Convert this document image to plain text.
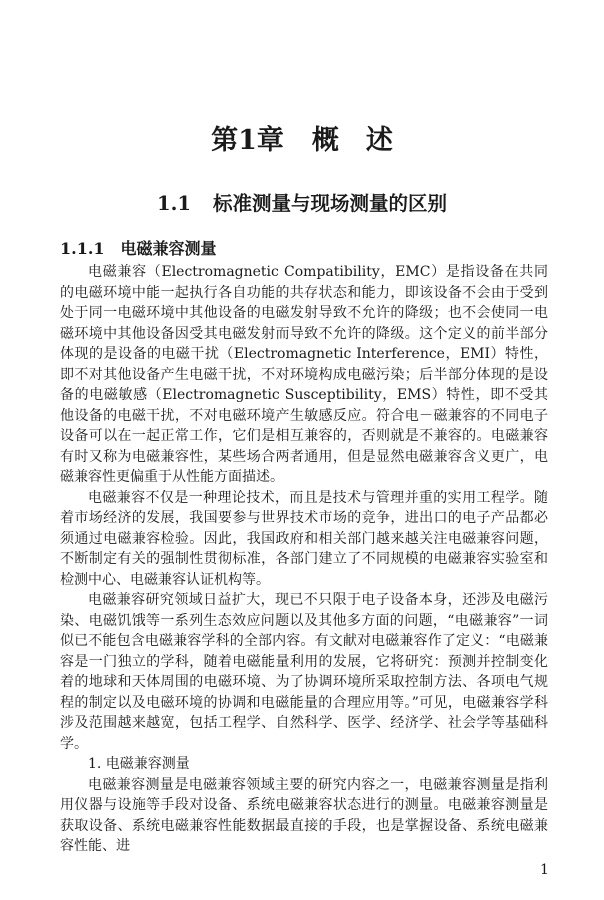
第1章 概　述
1.1 标准测量与现场测量的区别
1.1.1 电磁兼容测量

电磁兼容（Electromagnetic Compatibility，EMC）是指设备在共同的电磁环境中能一起执行各自功能的共存状态和能力，即该设备不会由于受到处于同一电磁环境中其他设备的电磁发射导致不允许的降级；也不会使同一电磁环境中其他设备因受其电磁发射而导致不允许的降级。这个定义的前半部分体现的是设备的电磁干扰（Electromagnetic Interference，EMI）特性，即不对其他设备产生电磁干扰，不对环境构成电磁污染；后半部分体现的是设备的电磁敏感（Electromagnetic Susceptibility，EMS）特性，即不受其他设备的电磁干扰，不对电磁环境产生敏感反应。符合电－磁兼容的不同电子设备可以在一起正常工作，它们是相互兼容的，否则就是不兼容的。电磁兼容有时又称为电磁兼容性，某些场合两者通用，但是显然电磁兼容含义更广，电磁兼容性更偏重于从性能方面描述。

电磁兼容不仅是一种理论技术，而且是技术与管理并重的实用工程学。随着市场经济的发展，我国要参与世界技术市场的竞争，进出口的电子产品都必须通过电磁兼容检验。因此，我国政府和相关部门越来越关注电磁兼容问题，不断制定有关的强制性贯彻标准，各部门建立了不同规模的电磁兼容实验室和检测中心、电磁兼容认证机构等。

电磁兼容研究领域日益扩大，现已不只限于电子设备本身，还涉及电磁污染、电磁饥饿等一系列生态效应问题以及其他多方面的问题，“电磁兼容”一词似已不能包含电磁兼容学科的全部内容。有文献对电磁兼容作了定义：“电磁兼容是一门独立的学科，随着电磁能量利用的发展，它将研究：预测并控制变化着的地球和天体周围的电磁环境、为了协调环境所采取控制方法、各项电气规程的制定以及电磁环境的协调和电磁能量的合理应用等。”可见，电磁兼容学科涉及范围越来越宽，包括工程学、自然科学、医学、经济学、社会学等基础科学。

1. 电磁兼容测量

电磁兼容测量是电磁兼容领域主要的研究内容之一，电磁兼容测量是指利用仪器与设施等手段对设备、系统电磁兼容状态进行的测量。电磁兼容测量是获取设备、系统电磁兼容性能数据最直接的手段，也是掌握设备、系统电磁兼容性能、进

1
